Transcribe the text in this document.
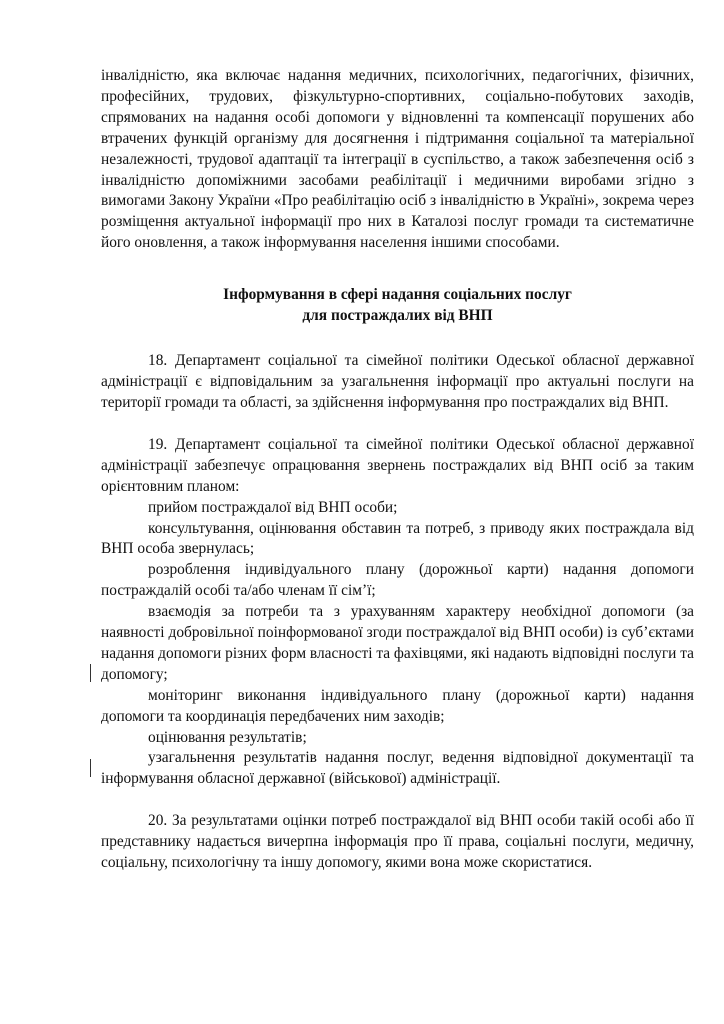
інвалідністю, яка включає надання медичних, психологічних, педагогічних, фізичних, професійних, трудових, фізкультурно-спортивних, соціально-побутових заходів, спрямованих на надання особі допомоги у відновленні та компенсації порушених або втрачених функцій організму для досягнення і підтримання соціальної та матеріальної незалежності, трудової адаптації та інтеграції в суспільство, а також забезпечення осіб з інвалідністю допоміжними засобами реабілітації і медичними виробами згідно з вимогами Закону України «Про реабілітацію осіб з інвалідністю в Україні», зокрема через розміщення актуальної інформації про них в Каталозі послуг громади та систематичне його оновлення, а також інформування населення іншими способами.

Інформування в сфері надання соціальних послуг

для постраждалих від ВНП

18. Департамент соціальної та сімейної політики Одеської обласної державної адміністрації є відповідальним за узагальнення інформації про актуальні послуги на території громади та області, за здійснення інформування про постраждалих від ВНП.

19. Департамент соціальної та сімейної політики Одеської обласної державної адміністрації забезпечує опрацювання звернень постраждалих від ВНП осіб за таким орієнтовним планом:

прийом постраждалої від ВНП особи;

консультування, оцінювання обставин та потреб, з приводу яких постраждала від ВНП особа звернулась;

розроблення індивідуального плану (дорожньої карти) надання допомоги постраждалій особі та/або членам її сім’ї;

взаємодія за потреби та з урахуванням характеру необхідної допомоги (за наявності добровільної поінформованої згоди постраждалої від ВНП особи) із суб’єктами надання допомоги різних форм власності та фахівцями, які надають відповідні послуги та допомогу;

моніторинг виконання індивідуального плану (дорожньої карти) надання допомоги та координація передбачених ним заходів;

оцінювання результатів;

узагальнення результатів надання послуг, ведення відповідної документації та інформування обласної державної (військової) адміністрації.

20. За результатами оцінки потреб постраждалої від ВНП особи такій особі або її представнику надається вичерпна інформація про її права, соціальні послуги, медичну, соціальну, психологічну та іншу допомогу, якими вона може скористатися.
